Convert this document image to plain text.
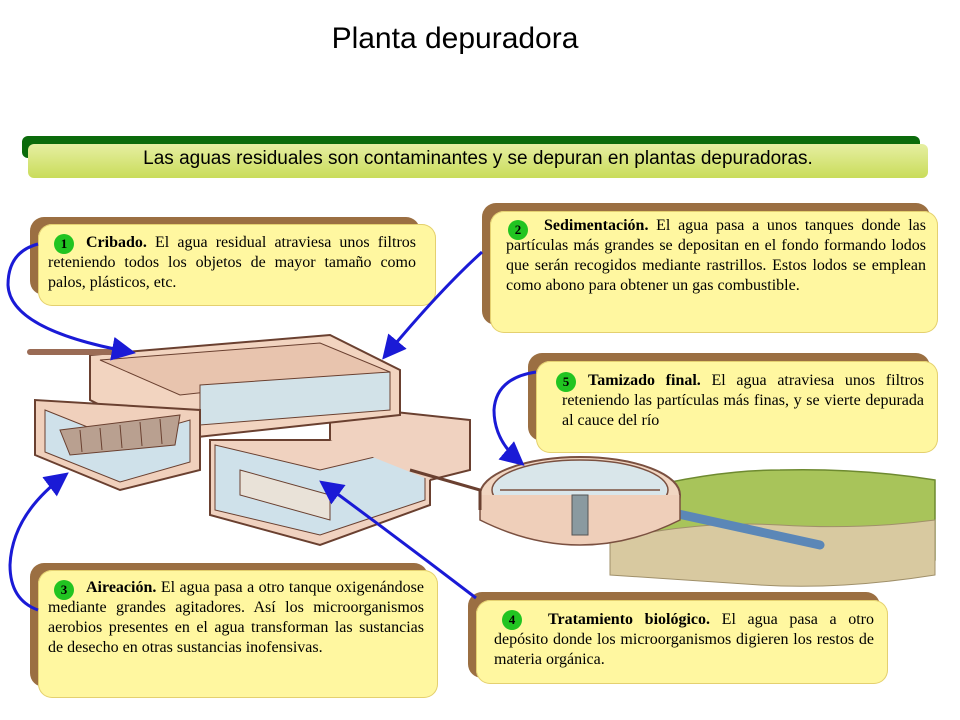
Planta depuradora
Las aguas residuales son contaminantes y se depuran en plantas depuradoras.
1	Cribado. El agua residual atraviesa unos filtros reteniendo todos los objetos de mayor tamaño como palos, plásticos, etc.
2	Sedimentación. El agua pasa a unos tanques donde las partículas más grandes se depositan en el fondo formando lodos que serán recogidos mediante rastrillos. Estos lodos se emplean como abono para obtener un gas combustible.
5	Tamizado final. El agua atraviesa unos filtros reteniendo las partículas más finas, y se vierte depurada al cauce del río
3	Aireación. El agua pasa a otro tanque oxigenándose mediante grandes agitadores. Así los microorganismos aerobios presentes en el agua transforman las sustancias de desecho en otras sustancias inofensivas.
4	Tratamiento biológico. El agua pasa a otro depósito donde los microorganismos digieren los restos de materia orgánica.
